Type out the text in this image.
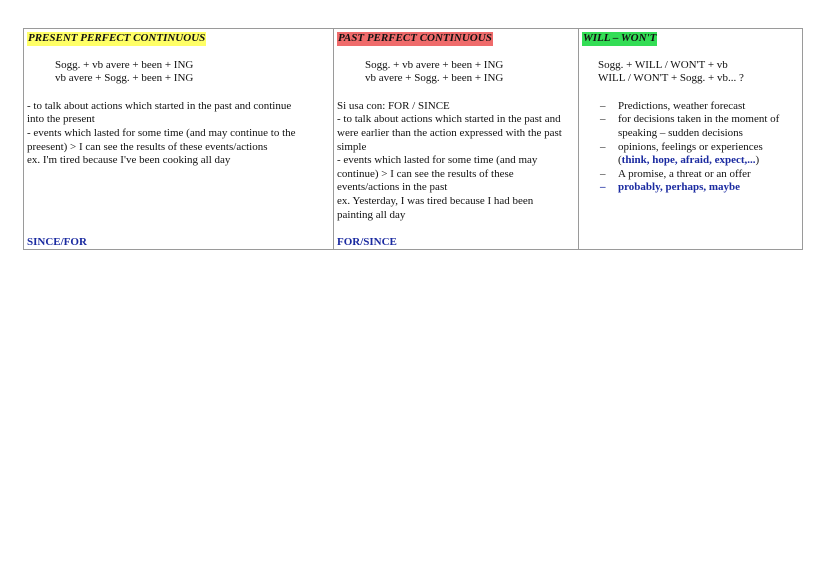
PRESENT PERFECT CONTINUOUS
Sogg. + vb avere + been + ING
vb avere + Sogg. + been + ING
- to talk about actions which started in the past and continue
into the present
- events which lasted for some time (and may continue to the
preesent) > I can see the results of these events/actions
ex. I'm tired because I've been cooking all day
SINCE/FOR
PAST PERFECT CONTINUOUS
Sogg. + vb avere + been + ING
vb avere + Sogg. + been + ING
Si usa con: FOR / SINCE
- to talk about actions which started in the past and
were earlier than the action expressed with the past
simple
- events which lasted for some time (and may
continue) > I can see the results of these
events/actions in the past
ex. Yesterday, I was tired because I had been
painting all day
FOR/SINCE
WILL – WON'T
Sogg. + WILL / WON'T + vb
WILL / WON'T + Sogg. + vb... ?
– Predictions, weather forecast
– for decisions taken in the moment of
speaking – sudden decisions
– opinions, feelings or experiences
(think, hope, afraid, expect,...)
– A promise, a threat or an offer
– probably, perhaps, maybe
